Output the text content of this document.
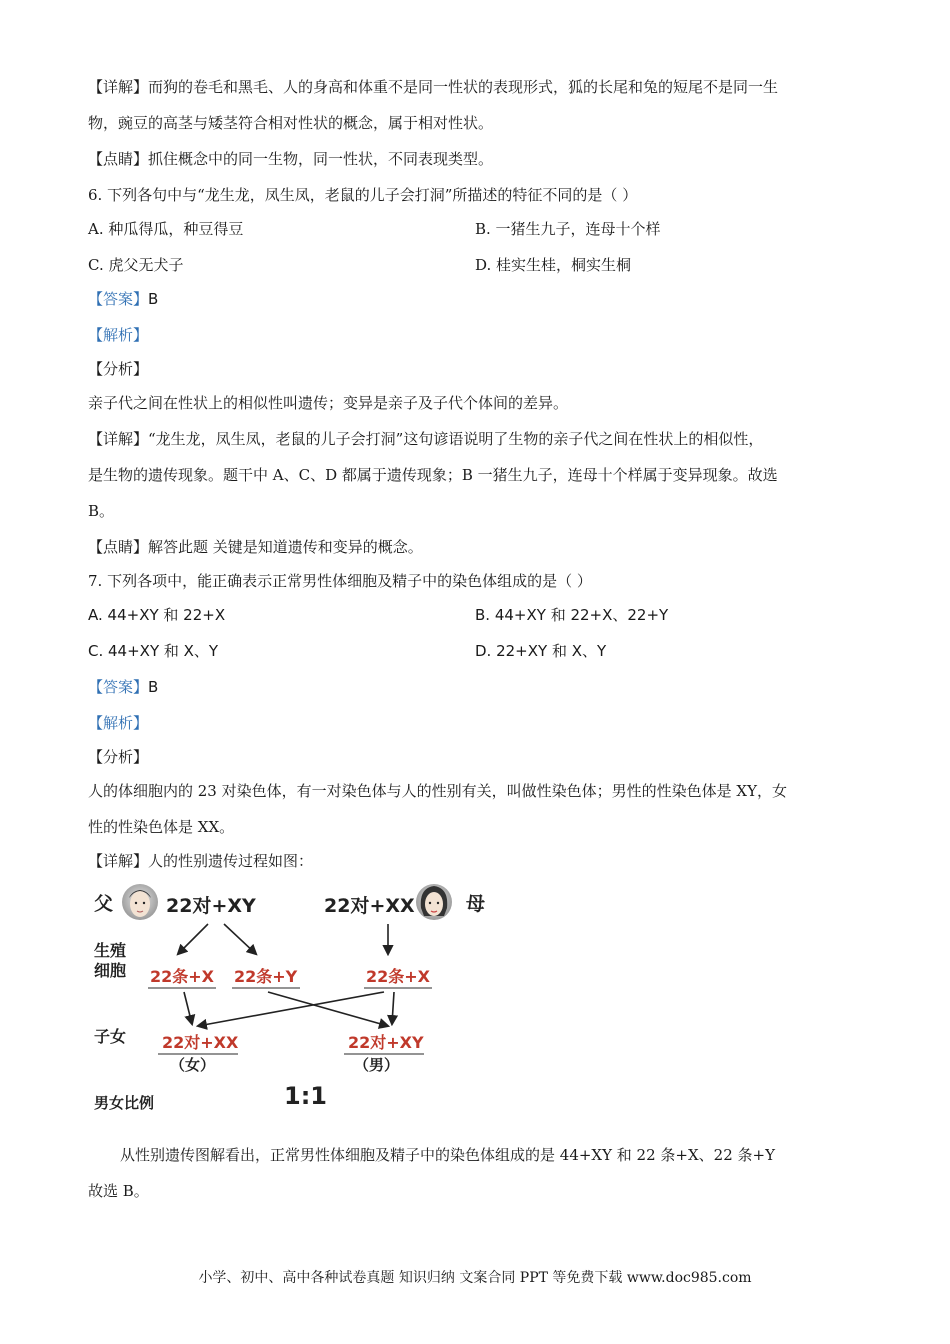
【详解】而狗的卷毛和黑毛、人的身高和体重不是同一性状的表现形式，狐的长尾和兔的短尾不是同一生
物，豌豆的高茎与矮茎符合相对性状的概念，属于相对性状。
【点睛】抓住概念中的同一生物，同一性状，不同表现类型。
6. 下列各句中与“龙生龙，凤生凤，老鼠的儿子会打洞”所描述的特征不同的是（ ）
A. 种瓜得瓜，种豆得豆	B. 一猪生九子，连母十个样
C. 虎父无犬子	D. 桂实生桂，桐实生桐
【答案】B
【解析】
【分析】
亲子代之间在性状上的相似性叫遗传；变异是亲子及子代个体间的差异。
【详解】“龙生龙，凤生凤，老鼠的儿子会打洞”这句谚语说明了生物的亲子代之间在性状上的相似性，
是生物的遗传现象。题干中 A、C、D 都属于遗传现象；B 一猪生九子，连母十个样属于变异现象。故选
B。
【点睛】解答此题 关键是知道遗传和变异的概念。
7. 下列各项中，能正确表示正常男性体细胞及精子中的染色体组成的是（ ）
A. 44+XY 和 22+X	B. 44+XY 和 22+X、22+Y
C. 44+XY 和 X、Y	D. 22+XY 和 X、Y
【答案】B
【解析】
【分析】
人的体细胞内的 23 对染色体，有一对染色体与人的性别有关，叫做性染色体；男性的性染色体是 XY，女
性的性染色体是 XX。
【详解】人的性别遗传过程如图：
父
生殖
细胞
子女
男女比例
22对+XY	22对+XX	母
22条+X 22条+Y	22条+X
22对+XX
（女）
22对+XY
（男）
1:1
从性别遗传图解看出，正常男性体细胞及精子中的染色体组成的是 44+XY 和 22 条+X、22 条+Y
故选 B。
小学、初中、高中各种试卷真题 知识归纳 文案合同 PPT 等免费下载 www.doc985.com
